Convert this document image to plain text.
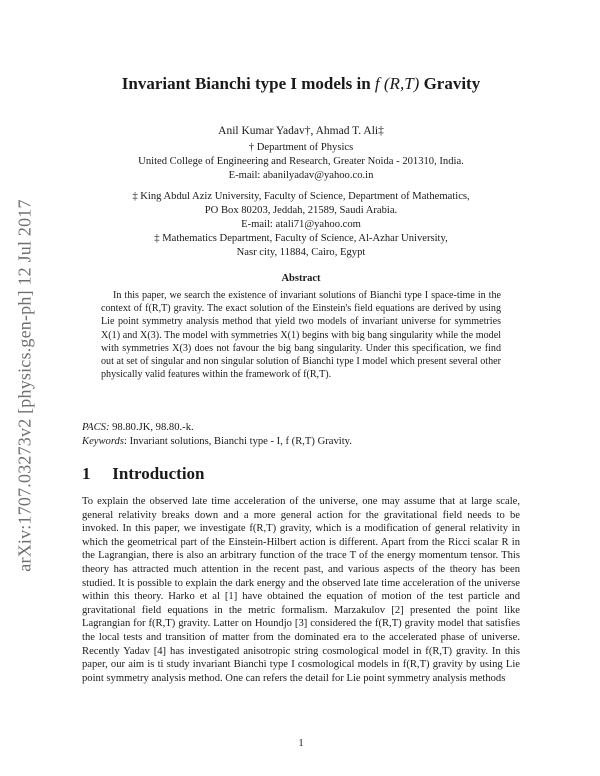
arXiv:1707.03273v2 [physics.gen-ph] 12 Jul 2017
Invariant Bianchi type I models in f (R,T) Gravity
Anil Kumar Yadav†, Ahmad T. Ali‡
† Department of Physics
United College of Engineering and Research, Greater Noida - 201310, India.
E-mail: abanilyadav@yahoo.co.in
‡ King Abdul Aziz University, Faculty of Science, Department of Mathematics,
PO Box 80203, Jeddah, 21589, Saudi Arabia.
E-mail: atali71@yahoo.com
‡ Mathematics Department, Faculty of Science, Al-Azhar University,
Nasr city, 11884, Cairo, Egypt
Abstract

In this paper, we search the existence of invariant solutions of Bianchi type I space-time in the context of f(R,T) gravity. The exact solution of the Einstein's field equations are derived by using Lie point symmetry analysis method that yield two models of invariant universe for symmetries X(1) and X(3). The model with symmetries X(1) begins with big bang singularity while the model with symmetries X(3) does not favour the big bang singularity. Under this specification, we find out at set of singular and non singular solution of Bianchi type I model which present several other physically valid features within the framework of f(R,T).

PACS: 98.80.JK, 98.80.-k.
Keywords: Invariant solutions, Bianchi type - I, f (R,T) Gravity.
1 Introduction

To explain the observed late time acceleration of the universe, one may assume that at large scale, general relativity breaks down and a more general action for the gravitational field needs to be invoked. In this paper, we investigate f(R,T) gravity, which is a modification of general relativity in which the geometrical part of the Einstein-Hilbert action is different. Apart from the Ricci scalar R in the Lagrangian, there is also an arbitrary function of the trace T of the energy momentum tensor. This theory has attracted much attention in the recent past, and various aspects of the theory has been studied. It is possible to explain the dark energy and the observed late time acceleration of the universe within this theory. Harko et al [1] have obtained the equation of motion of the test particle and gravitational field equations in the metric formalism. Marzakulov [2] presented the point like Lagrangian for f(R,T) gravity. Latter on Houndjo [3] considered the f(R,T) gravity model that satisfies the local tests and transition of matter from the dominated era to the accelerated phase of universe. Recently Yadav [4] has investigated anisotropic string cosmological model in f(R,T) gravity. In this paper, our aim is ti study invariant Bianchi type I cosmological models in f(R,T) gravity by using Lie point symmetry analysis method. One can refers the detail for Lie point symmetry analysis methods

1
